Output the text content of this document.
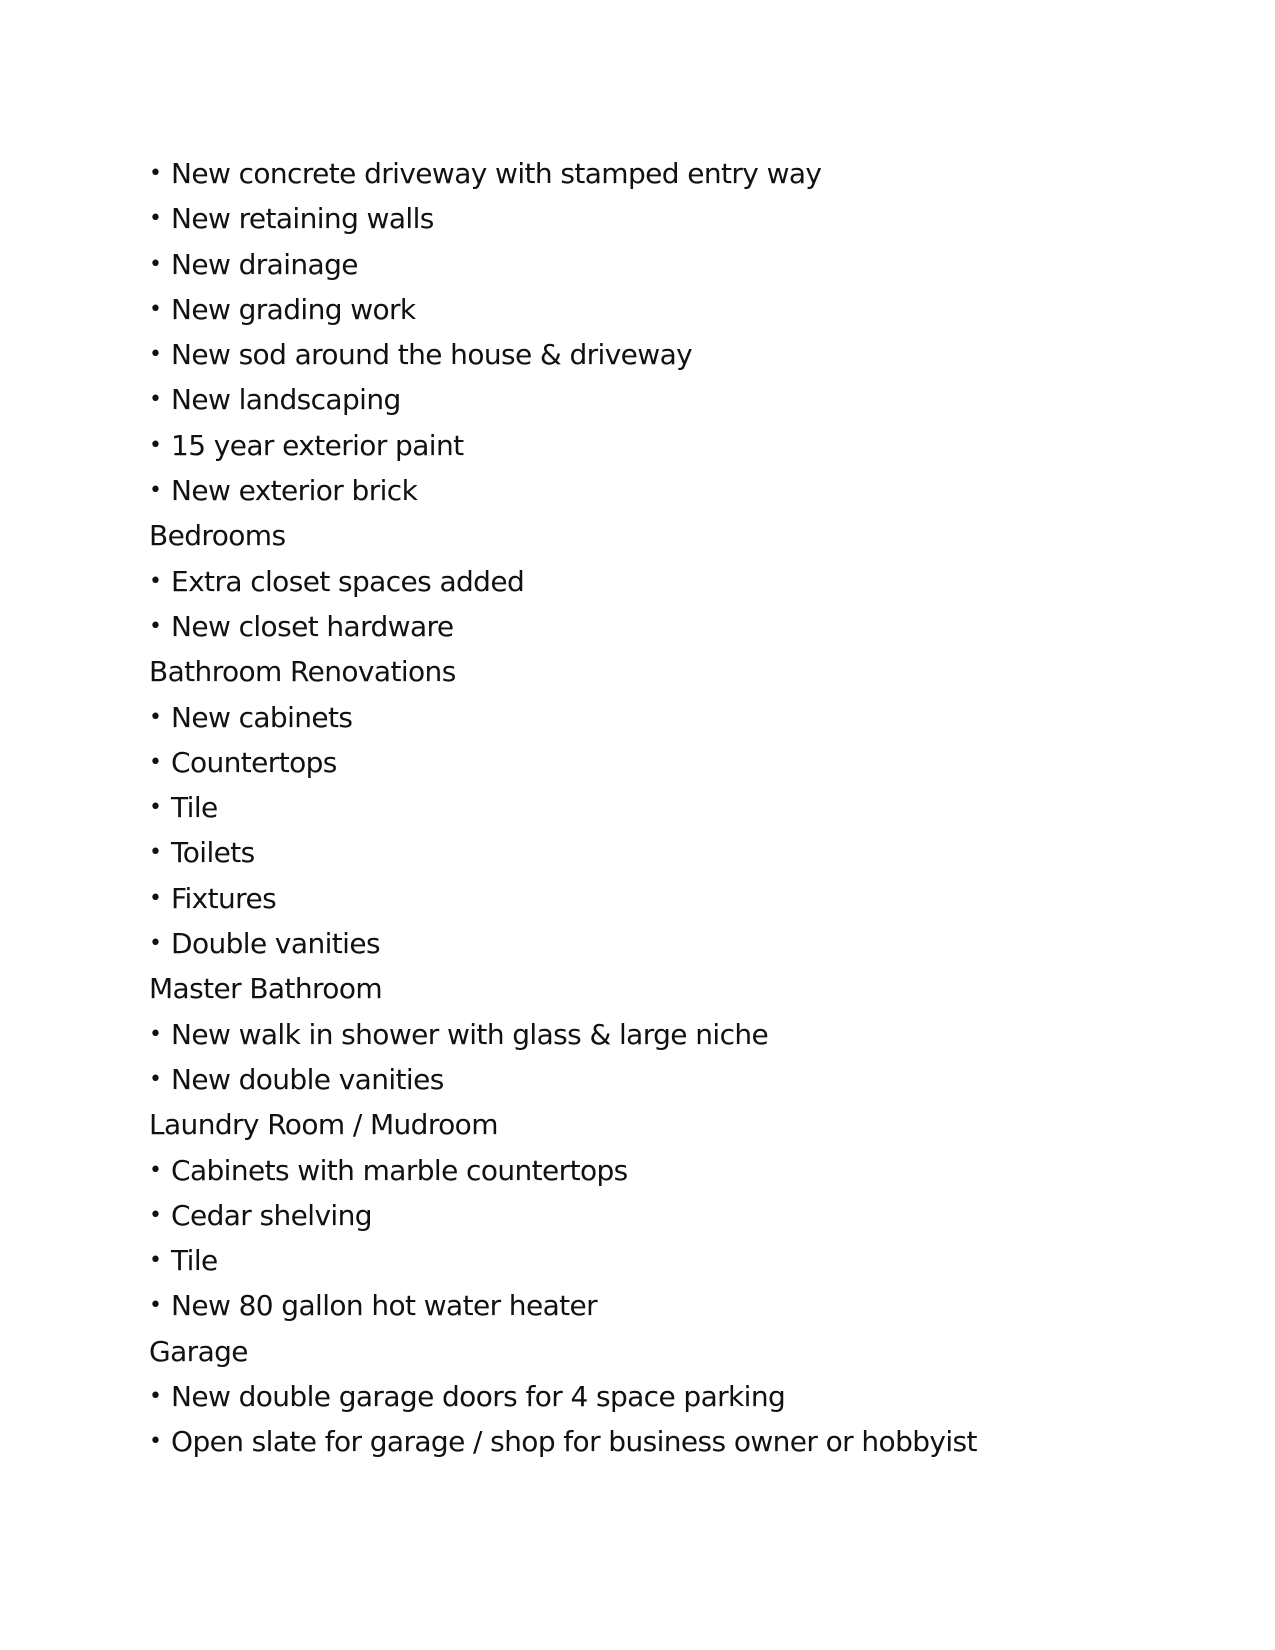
• New concrete driveway with stamped entry way
• New retaining walls
• New drainage
• New grading work
• New sod around the house & driveway
• New landscaping
• 15 year exterior paint
• New exterior brick
Bedrooms
• Extra closet spaces added
• New closet hardware
Bathroom Renovations
• New cabinets
• Countertops
• Tile
• Toilets
• Fixtures
• Double vanities
Master Bathroom
• New walk in shower with glass & large niche
• New double vanities
Laundry Room / Mudroom
• Cabinets with marble countertops
• Cedar shelving
• Tile
• New 80 gallon hot water heater
Garage
• New double garage doors for 4 space parking
• Open slate for garage / shop for business owner or hobbyist
